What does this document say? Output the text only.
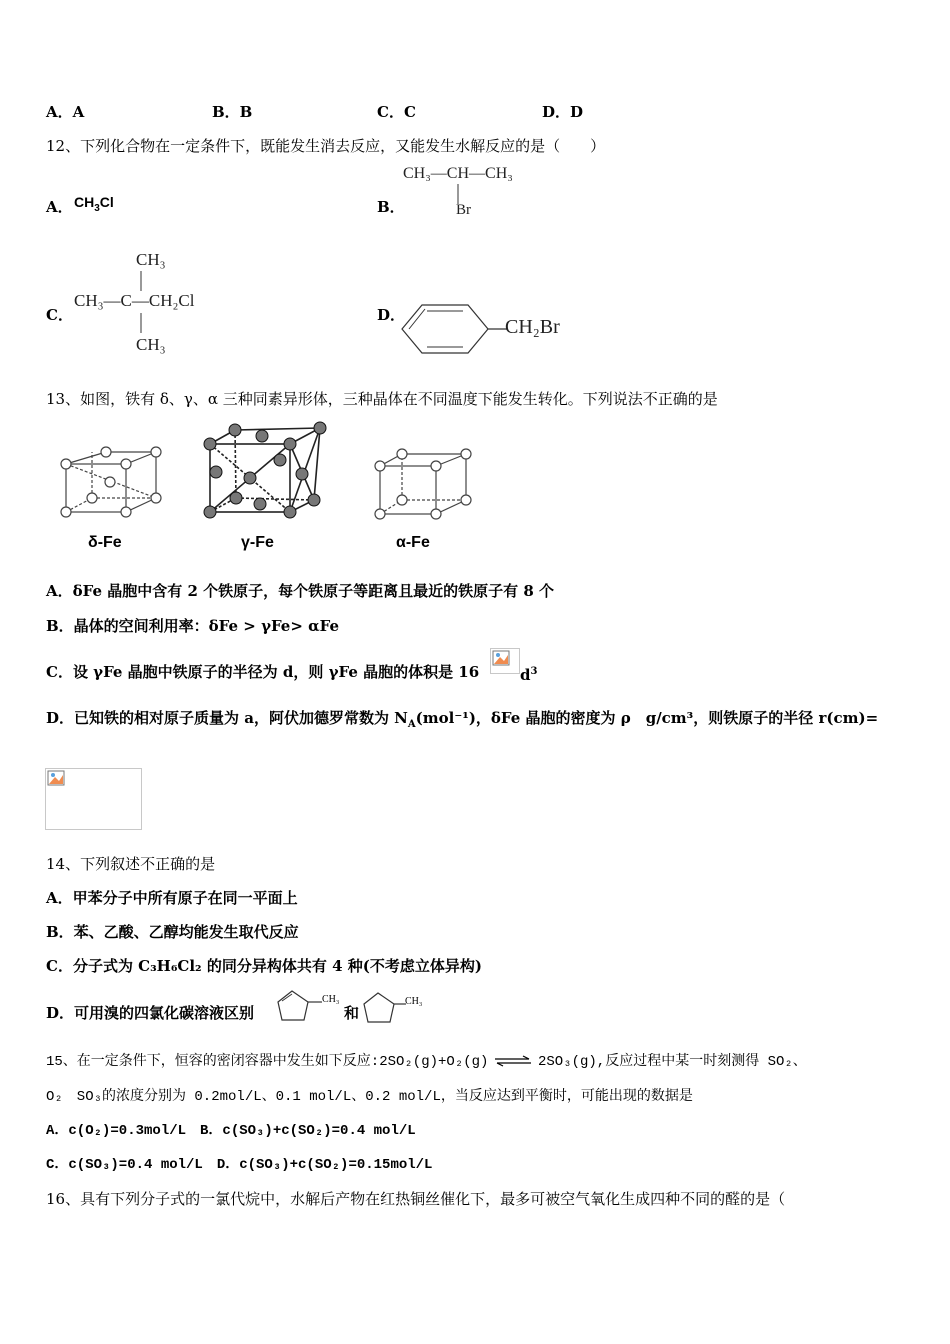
A．A	B．B	C．C	D．D
12、下列化合物在一定条件下，既能发生消去反应，又能发生水解反应的是（　　）
A． $CH_3Cl$	B．
CH₃—CH—CH₃
Br
C．
CH₃
CH₃—C—CH₂Cl
CH₃
D．
CH₂Br
13、如图，铁有 δ、γ、α 三种同素异形体，三种晶体在不同温度下能发生转化。下列说法不正确的是
δ-Fe	γ-Fe	α-Fe
A．δFe 晶胞中含有 2 个铁原子，每个铁原子等距离且最近的铁原子有 8 个
B．晶体的空间利用率：δFe > γFe> αFe
C．设 γFe 晶胞中铁原子的半径为 d，则 γFe 晶胞的体积是 16	$d^3$
D．已知铁的相对原子质量为 a，阿伏加德罗常数为 $N_A(mol^{-1})$，δFe 晶胞的密度为 ρ　g/cm³，则铁原子的半径 r(cm)=
14、下列叙述不正确的是
A．甲苯分子中所有原子在同一平面上
B．苯、乙酸、乙醇均能发生取代反应
C．分子式为 C₃H₆Cl₂ 的同分异构体共有 4 种(不考虑立体异构)
D．可用溴的四氯化碳溶液区别
CH₃
和
CH₃
15、在一定条件下，恒容的密闭容器中发生如下反应:2SO₂(g)+O₂(g) ⇌ 2SO₃(g),反应过程中某一时刻测得 SO₂、
O₂　SO₃的浓度分别为 0.2mol/L、0.1 mol/L、0.2 mol/L，当反应达到平衡时，可能出现的数据是
A．c(O₂)=0.3mol/L　B．c(SO₃)+c(SO₂)=0.4 mol/L
C．c(SO₃)=0.4 mol/L　D．c(SO₃)+c(SO₂)=0.15mol/L
16、具有下列分子式的一氯代烷中，水解后产物在红热铜丝催化下，最多可被空气氧化生成四种不同的醛的是（
